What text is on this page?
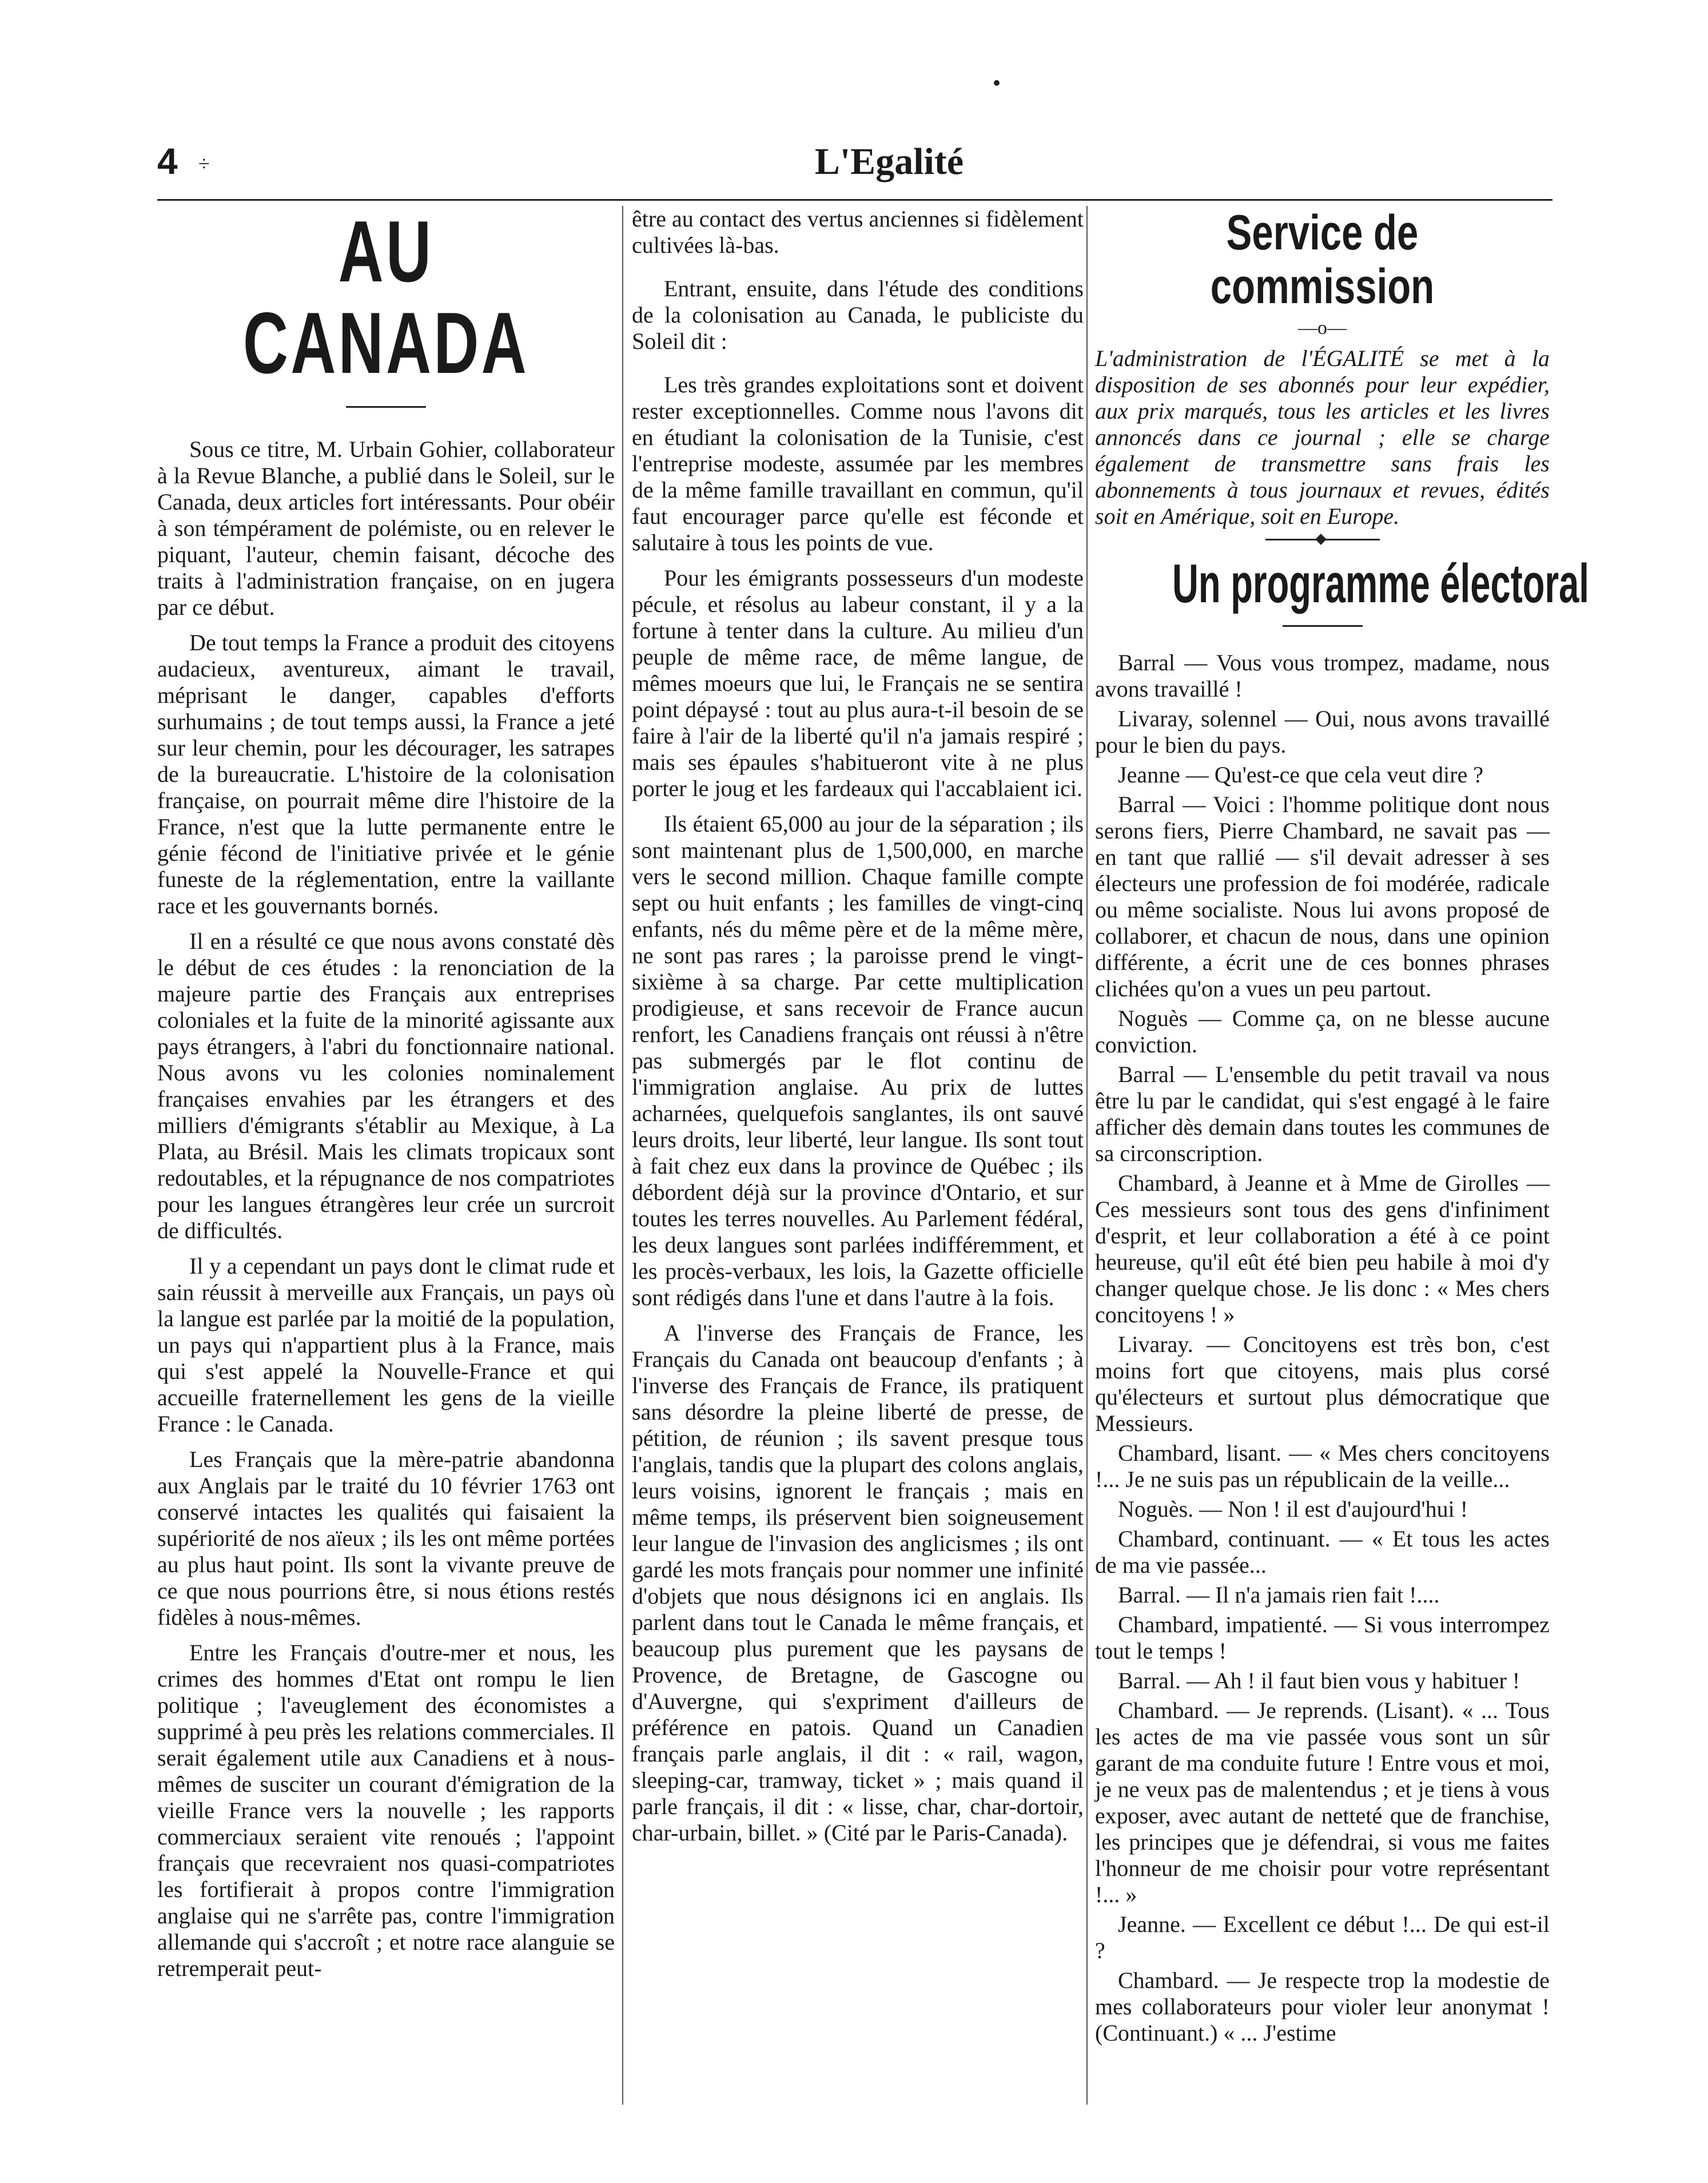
4 ÷	L'Egalité
AU CANADA

Sous ce titre, M. Urbain Gohier, collaborateur à la Revue Blanche, a publié dans le Soleil, sur le Canada, deux articles fort intéressants. Pour obéir à son témpérament de polémiste, ou en relever le piquant, l'auteur, chemin faisant, décoche des traits à l'administration française, on en jugera par ce début.

De tout temps la France a produit des citoyens audacieux, aventureux, aimant le travail, méprisant le danger, capables d'efforts surhumains ; de tout temps aussi, la France a jeté sur leur chemin, pour les décourager, les satrapes de la bureaucratie. L'histoire de la colonisation française, on pourrait même dire l'histoire de la France, n'est que la lutte permanente entre le génie fécond de l'initiative privée et le génie funeste de la réglementation, entre la vaillante race et les gouvernants bornés.

Il en a résulté ce que nous avons constaté dès le début de ces études : la renonciation de la majeure partie des Français aux entreprises coloniales et la fuite de la minorité agissante aux pays étrangers, à l'abri du fonctionnaire national. Nous avons vu les colonies nominalement françaises envahies par les étrangers et des milliers d'émigrants s'établir au Mexique, à La Plata, au Brésil. Mais les climats tropicaux sont redoutables, et la répugnance de nos compatriotes pour les langues étrangères leur crée un surcroit de difficultés.

Il y a cependant un pays dont le climat rude et sain réussit à merveille aux Français, un pays où la langue est parlée par la moitié de la population, un pays qui n'appartient plus à la France, mais qui s'est appelé la Nouvelle-France et qui accueille fraternellement les gens de la vieille France : le Canada.

Les Français que la mère-patrie abandonna aux Anglais par le traité du 10 février 1763 ont conservé intactes les qualités qui faisaient la supériorité de nos aïeux ; ils les ont même portées au plus haut point. Ils sont la vivante preuve de ce que nous pourrions être, si nous étions restés fidèles à nous-mêmes.

Entre les Français d'outre-mer et nous, les crimes des hommes d'Etat ont rompu le lien politique ; l'aveuglement des économistes a supprimé à peu près les relations commerciales. Il serait également utile aux Canadiens et à nous-mêmes de susciter un courant d'émigration de la vieille France vers la nouvelle ; les rapports commerciaux seraient vite renoués ; l'appoint français que recevraient nos quasi-compatriotes les fortifierait à propos contre l'immigration anglaise qui ne s'arrête pas, contre l'immigration allemande qui s'accroît ; et notre race alanguie se retremperait peut-

être au contact des vertus anciennes si fidèlement cultivées là-bas.

Entrant, ensuite, dans l'étude des conditions de la colonisation au Canada, le publiciste du Soleil dit :

Les très grandes exploitations sont et doivent rester exceptionnelles. Comme nous l'avons dit en étudiant la colonisation de la Tunisie, c'est l'entreprise modeste, assumée par les membres de la même famille travaillant en commun, qu'il faut encourager parce qu'elle est féconde et salutaire à tous les points de vue.

Pour les émigrants possesseurs d'un modeste pécule, et résolus au labeur constant, il y a la fortune à tenter dans la culture. Au milieu d'un peuple de même race, de même langue, de mêmes moeurs que lui, le Français ne se sentira point dépaysé : tout au plus aura-t-il besoin de se faire à l'air de la liberté qu'il n'a jamais respiré ; mais ses épaules s'habitueront vite à ne plus porter le joug et les fardeaux qui l'accablaient ici.

Ils étaient 65,000 au jour de la séparation ; ils sont maintenant plus de 1,500,000, en marche vers le second million. Chaque famille compte sept ou huit enfants ; les familles de vingt-cinq enfants, nés du même père et de la même mère, ne sont pas rares ; la paroisse prend le vingt-sixième à sa charge. Par cette multiplication prodigieuse, et sans recevoir de France aucun renfort, les Canadiens français ont réussi à n'être pas submergés par le flot continu de l'immigration anglaise. Au prix de luttes acharnées, quelquefois sanglantes, ils ont sauvé leurs droits, leur liberté, leur langue. Ils sont tout à fait chez eux dans la province de Québec ; ils débordent déjà sur la province d'Ontario, et sur toutes les terres nouvelles. Au Parlement fédéral, les deux langues sont parlées indifféremment, et les procès-verbaux, les lois, la Gazette officielle sont rédigés dans l'une et dans l'autre à la fois.

A l'inverse des Français de France, les Français du Canada ont beaucoup d'enfants ; à l'inverse des Français de France, ils pratiquent sans désordre la pleine liberté de presse, de pétition, de réunion ; ils savent presque tous l'anglais, tandis que la plupart des colons anglais, leurs voisins, ignorent le français ; mais en même temps, ils préservent bien soigneusement leur langue de l'invasion des anglicismes ; ils ont gardé les mots français pour nommer une infinité d'objets que nous désignons ici en anglais. Ils parlent dans tout le Canada le même français, et beaucoup plus purement que les paysans de Provence, de Bretagne, de Gascogne ou d'Auvergne, qui s'expriment d'ailleurs de préférence en patois. Quand un Canadien français parle anglais, il dit : « rail, wagon, sleeping-car, tramway, ticket » ; mais quand il parle français, il dit : « lisse, char, char-dortoir, char-urbain, billet. » (Cité par le Paris-Canada).

Service de commission
—o—

L'administration de l'ÉGALITÉ se met à la disposition de ses abonnés pour leur expédier, aux prix marqués, tous les articles et les livres annoncés dans ce journal ; elle se charge également de transmettre sans frais les abonnements à tous journaux et revues, édités soit en Amérique, soit en Europe.

Un programme électoral

Barral — Vous vous trompez, madame, nous avons travaillé !

Livaray, solennel — Oui, nous avons travaillé pour le bien du pays.

Jeanne — Qu'est-ce que cela veut dire ?

Barral — Voici : l'homme politique dont nous serons fiers, Pierre Chambard, ne savait pas — en tant que rallié — s'il devait adresser à ses électeurs une profession de foi modérée, radicale ou même socialiste. Nous lui avons proposé de collaborer, et chacun de nous, dans une opinion différente, a écrit une de ces bonnes phrases clichées qu'on a vues un peu partout.

Noguès — Comme ça, on ne blesse aucune conviction.

Barral — L'ensemble du petit travail va nous être lu par le candidat, qui s'est engagé à le faire afficher dès demain dans toutes les communes de sa circonscription.

Chambard, à Jeanne et à Mme de Girolles — Ces messieurs sont tous des gens d'infiniment d'esprit, et leur collaboration a été à ce point heureuse, qu'il eût été bien peu habile à moi d'y changer quelque chose. Je lis donc : « Mes chers concitoyens ! »

Livaray. — Concitoyens est très bon, c'est moins fort que citoyens, mais plus corsé qu'électeurs et surtout plus démocratique que Messieurs.

Chambard, lisant. — « Mes chers concitoyens !... Je ne suis pas un républicain de la veille...

Noguès. — Non ! il est d'aujourd'hui !

Chambard, continuant. — « Et tous les actes de ma vie passée...

Barral. — Il n'a jamais rien fait !....

Chambard, impatienté. — Si vous interrompez tout le temps !

Barral. — Ah ! il faut bien vous y habituer !

Chambard. — Je reprends. (Lisant). « ... Tous les actes de ma vie passée vous sont un sûr garant de ma conduite future ! Entre vous et moi, je ne veux pas de malentendus ; et je tiens à vous exposer, avec autant de netteté que de franchise, les principes que je défendrai, si vous me faites l'honneur de me choisir pour votre représentant !... »

Jeanne. — Excellent ce début !... De qui est-il ?

Chambard. — Je respecte trop la modestie de mes collaborateurs pour violer leur anonymat ! (Continuant.) « ... J'estime
